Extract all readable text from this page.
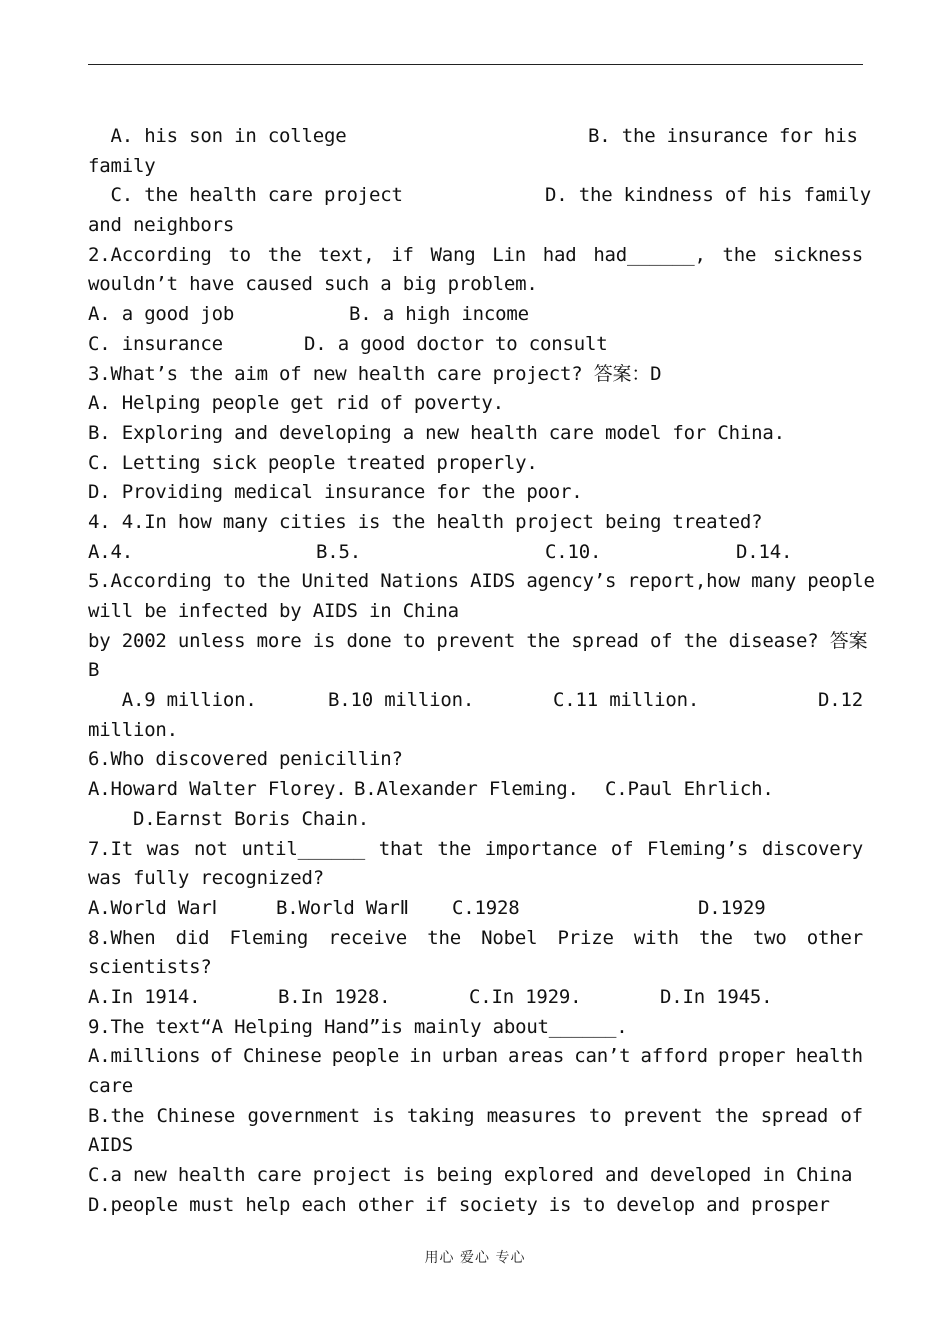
A. his son in college	B. the insurance for his
family
C. the health care project	D. the kindness of his family
and neighbors
2.According to the text, if Wang Lin had had______, the sickness
wouldn’t have caused such a big problem.
A. a good job	B. a high income
C. insurance	D. a good doctor to consult
3.What’s the aim of new health care project? 答案：D
A. Helping people get rid of poverty.
B. Exploring and developing a new health care model for China.
C. Letting sick people treated properly.
D. Providing medical insurance for the poor.
4. 4.In how many cities is the health project being treated?
A.4.	B.5.	C.10.	D.14.
5.According to the United Nations AIDS agency’s report,how many people
will be infected by AIDS in China
by 2002 unless more is done to prevent the spread of the disease? 答案
B
A.9 million.	B.10 million.	C.11 million.	D.12
million.
6.Who discovered penicillin?
A.Howard Walter Florey. B.Alexander Fleming. C.Paul Ehrlich.
D.Earnst Boris Chain.
7.It was not until______ that the importance of Fleming’s discovery
was fully recognized?
A.World WarⅠ	B.World WarⅡ C.1928	D.1929
8.When did Fleming receive the Nobel Prize with the two other
scientists?
A.In 1914.	B.In 1928.	C.In 1929.	D.In 1945.
9.The text“A Helping Hand”is mainly about______.
A.millions of Chinese people in urban areas can’t afford proper health
care
B.the Chinese government is taking measures to prevent the spread of
AIDS
C.a new health care project is being explored and developed in China
D.people must help each other if society is to develop and prosper
用心 爱心 专心
